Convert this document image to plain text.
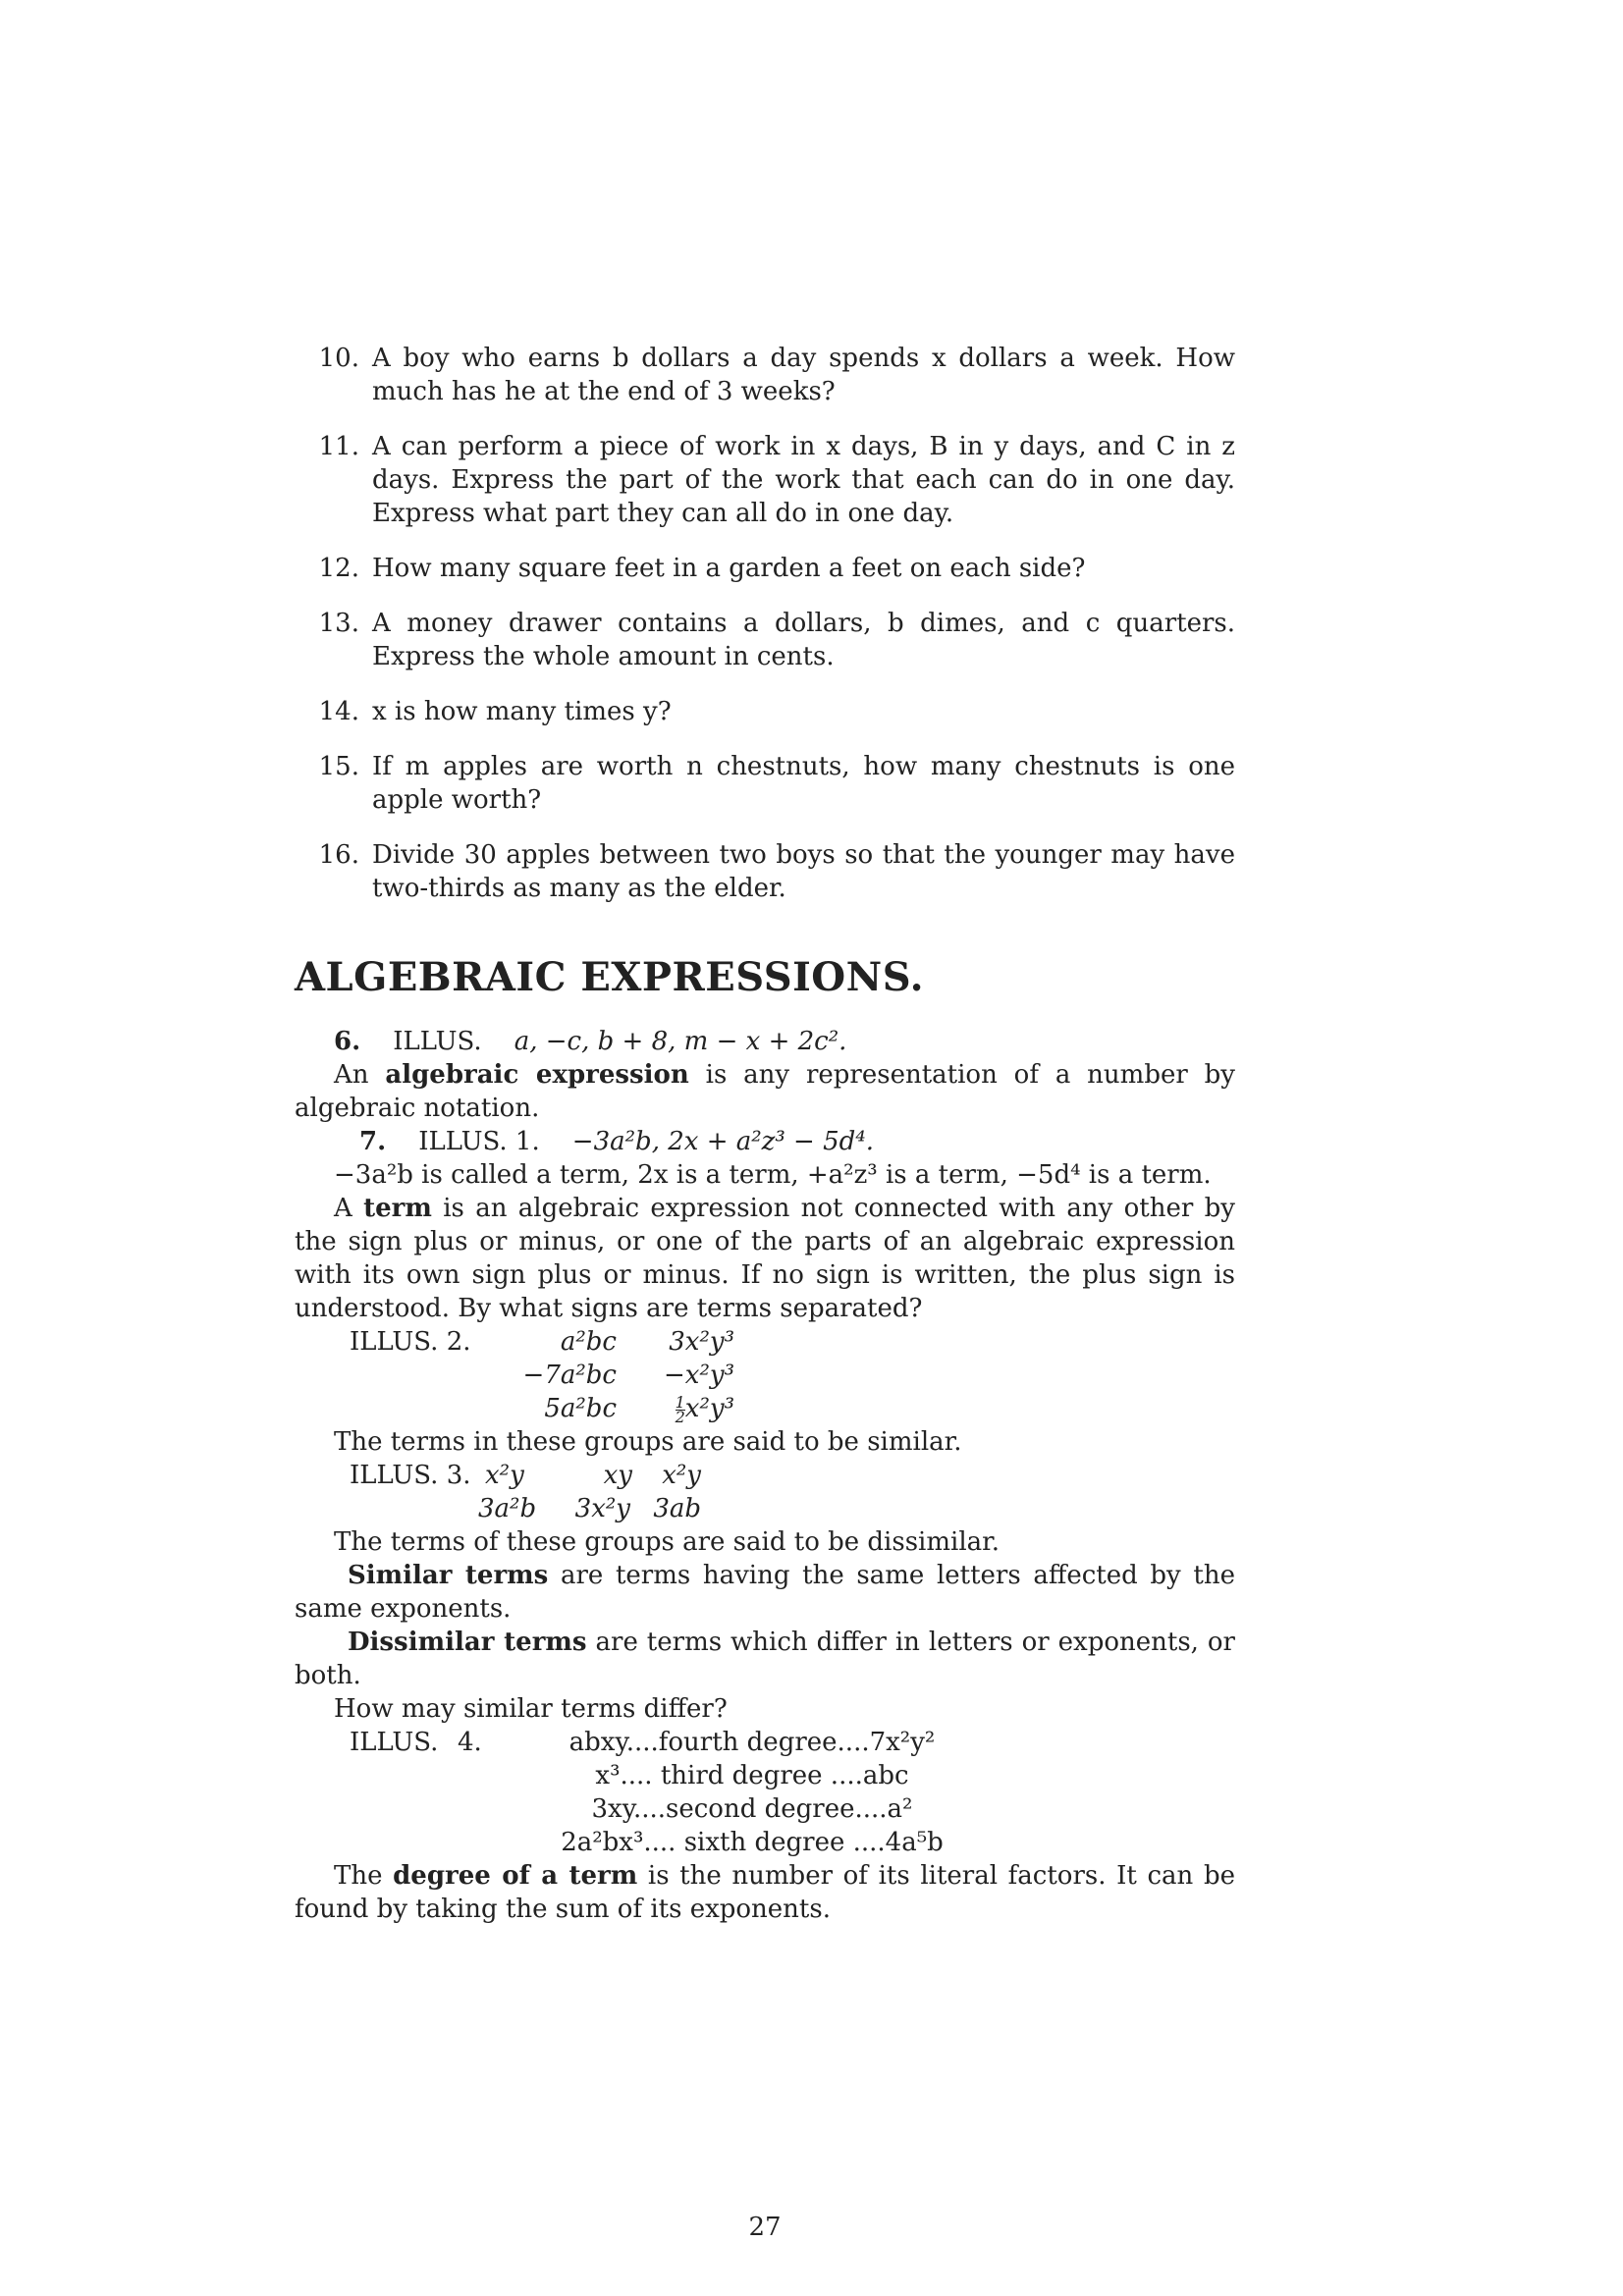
10. A boy who earns b dollars a day spends x dollars a week. How much has he at the end of 3 weeks?
11. A can perform a piece of work in x days, B in y days, and C in z days. Express the part of the work that each can do in one day. Express what part they can all do in one day.
12. How many square feet in a garden a feet on each side?
13. A money drawer contains a dollars, b dimes, and c quarters. Express the whole amount in cents.
14. x is how many times y?
15. If m apples are worth n chestnuts, how many chestnuts is one apple worth?
16. Divide 30 apples between two boys so that the younger may have two-thirds as many as the elder.
ALGEBRAIC EXPRESSIONS.

6. ILLUS. a, −c, b + 8, m − x + 2c².

An algebraic expression is any representation of a number by algebraic notation.

7. ILLUS. 1. −3a²b, 2x + a²z³ − 5d⁴.

−3a²b is called a term, 2x is a term, +a²z³ is a term, −5d⁴ is a term.

A term is an algebraic expression not connected with any other by the sign plus or minus, or one of the parts of an algebraic expression with its own sign plus or minus. If no sign is written, the plus sign is understood. By what signs are terms separated?

ILLUS. 2.	a²bc	3x²y³
−7a²bc	−x²y³
5a²bc	$\frac{1}{2} x^2y^3$

The terms in these groups are said to be similar.

ILLUS. 3. x²y	xy	x²y
3a²b	3x²y 3ab

The terms of these groups are said to be dissimilar.

Similar terms are terms having the same letters affected by the same exponents.

Dissimilar terms are terms which differ in letters or exponents, or both.

How may similar terms differ?

ILLUS. 4.	abxy....fourth degree....7x²y²
x³.... third degree ....abc
3xy....second degree....a²
2a²bx³.... sixth degree ....4a⁵b

The degree of a term is the number of its literal factors. It can be found by taking the sum of its exponents.

27
